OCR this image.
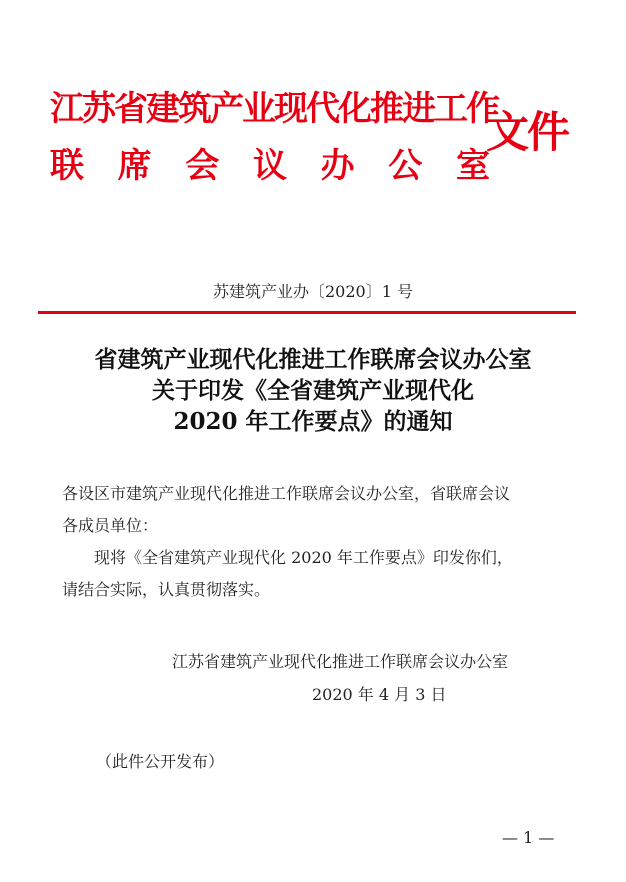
江苏省建筑产业现代化推进工作
联 席 会 议 办 公 室
文件
苏建筑产业办〔2020〕1 号
省建筑产业现代化推进工作联席会议办公室
关于印发《全省建筑产业现代化
2020 年工作要点》的通知
各设区市建筑产业现代化推进工作联席会议办公室，省联席会议
各成员单位：
　　现将《全省建筑产业现代化 2020 年工作要点》印发你们，
请结合实际，认真贯彻落实。
江苏省建筑产业现代化推进工作联席会议办公室
2020 年 4 月 3 日
（此件公开发布）
— 1 —
